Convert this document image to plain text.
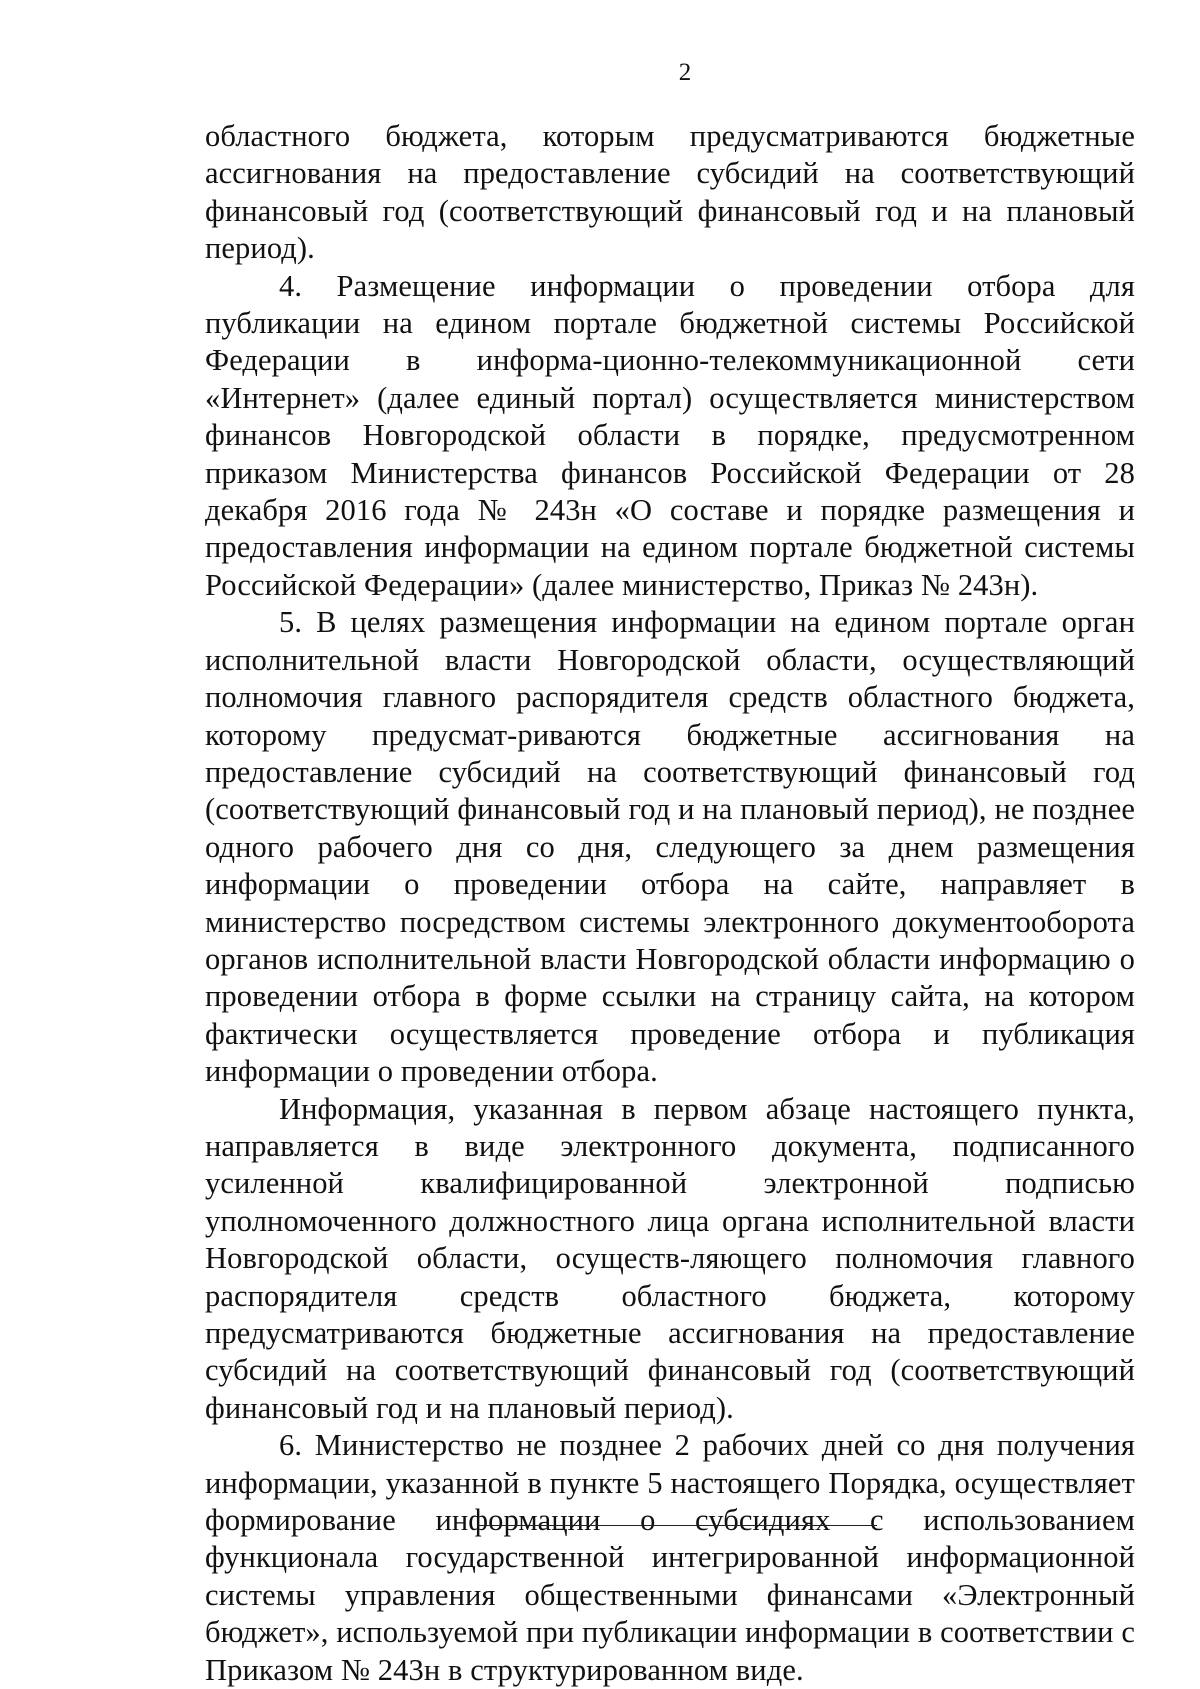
2

областного бюджета, которым предусматриваются бюджетные ассигнования на предоставление субсидий на соответствующий финансовый год (соответствующий финансовый год и на плановый период).

4. Размещение информации о проведении отбора для публикации на едином портале бюджетной системы Российской Федерации в информа-ционно-телекоммуникационной сети «Интернет» (далее единый портал) осуществляется министерством финансов Новгородской области в порядке, предусмотренном приказом Министерства финансов Российской Федерации от 28 декабря 2016 года № 243н «О составе и порядке размещения и предоставления информации на едином портале бюджетной системы Российской Федерации» (далее министерство, Приказ № 243н).

5. В целях размещения информации на едином портале орган исполнительной власти Новгородской области, осуществляющий полномочия главного распорядителя средств областного бюджета, которому предусмат-риваются бюджетные ассигнования на предоставление субсидий на соответствующий финансовый год (соответствующий финансовый год и на плановый период), не позднее одного рабочего дня со дня, следующего за днем размещения информации о проведении отбора на сайте, направляет в министерство посредством системы электронного документооборота органов исполнительной власти Новгородской области информацию о проведении отбора в форме ссылки на страницу сайта, на котором фактически осуществляется проведение отбора и публикация информации о проведении отбора.

Информация, указанная в первом абзаце настоящего пункта, направляется в виде электронного документа, подписанного усиленной квалифицированной электронной подписью уполномоченного должностного лица органа исполнительной власти Новгородской области, осуществ-ляющего полномочия главного распорядителя средств областного бюджета, которому предусматриваются бюджетные ассигнования на предоставление субсидий на соответствующий финансовый год (соответствующий финансовый год и на плановый период).

6. Министерство не позднее 2 рабочих дней со дня получения информации, указанной в пункте 5 настоящего Порядка, осуществляет формирование информации о субсидиях с использованием функционала государственной интегрированной информационной системы управления общественными финансами «Электронный бюджет», используемой при публикации информации в соответствии с Приказом № 243н в структурированном виде.
